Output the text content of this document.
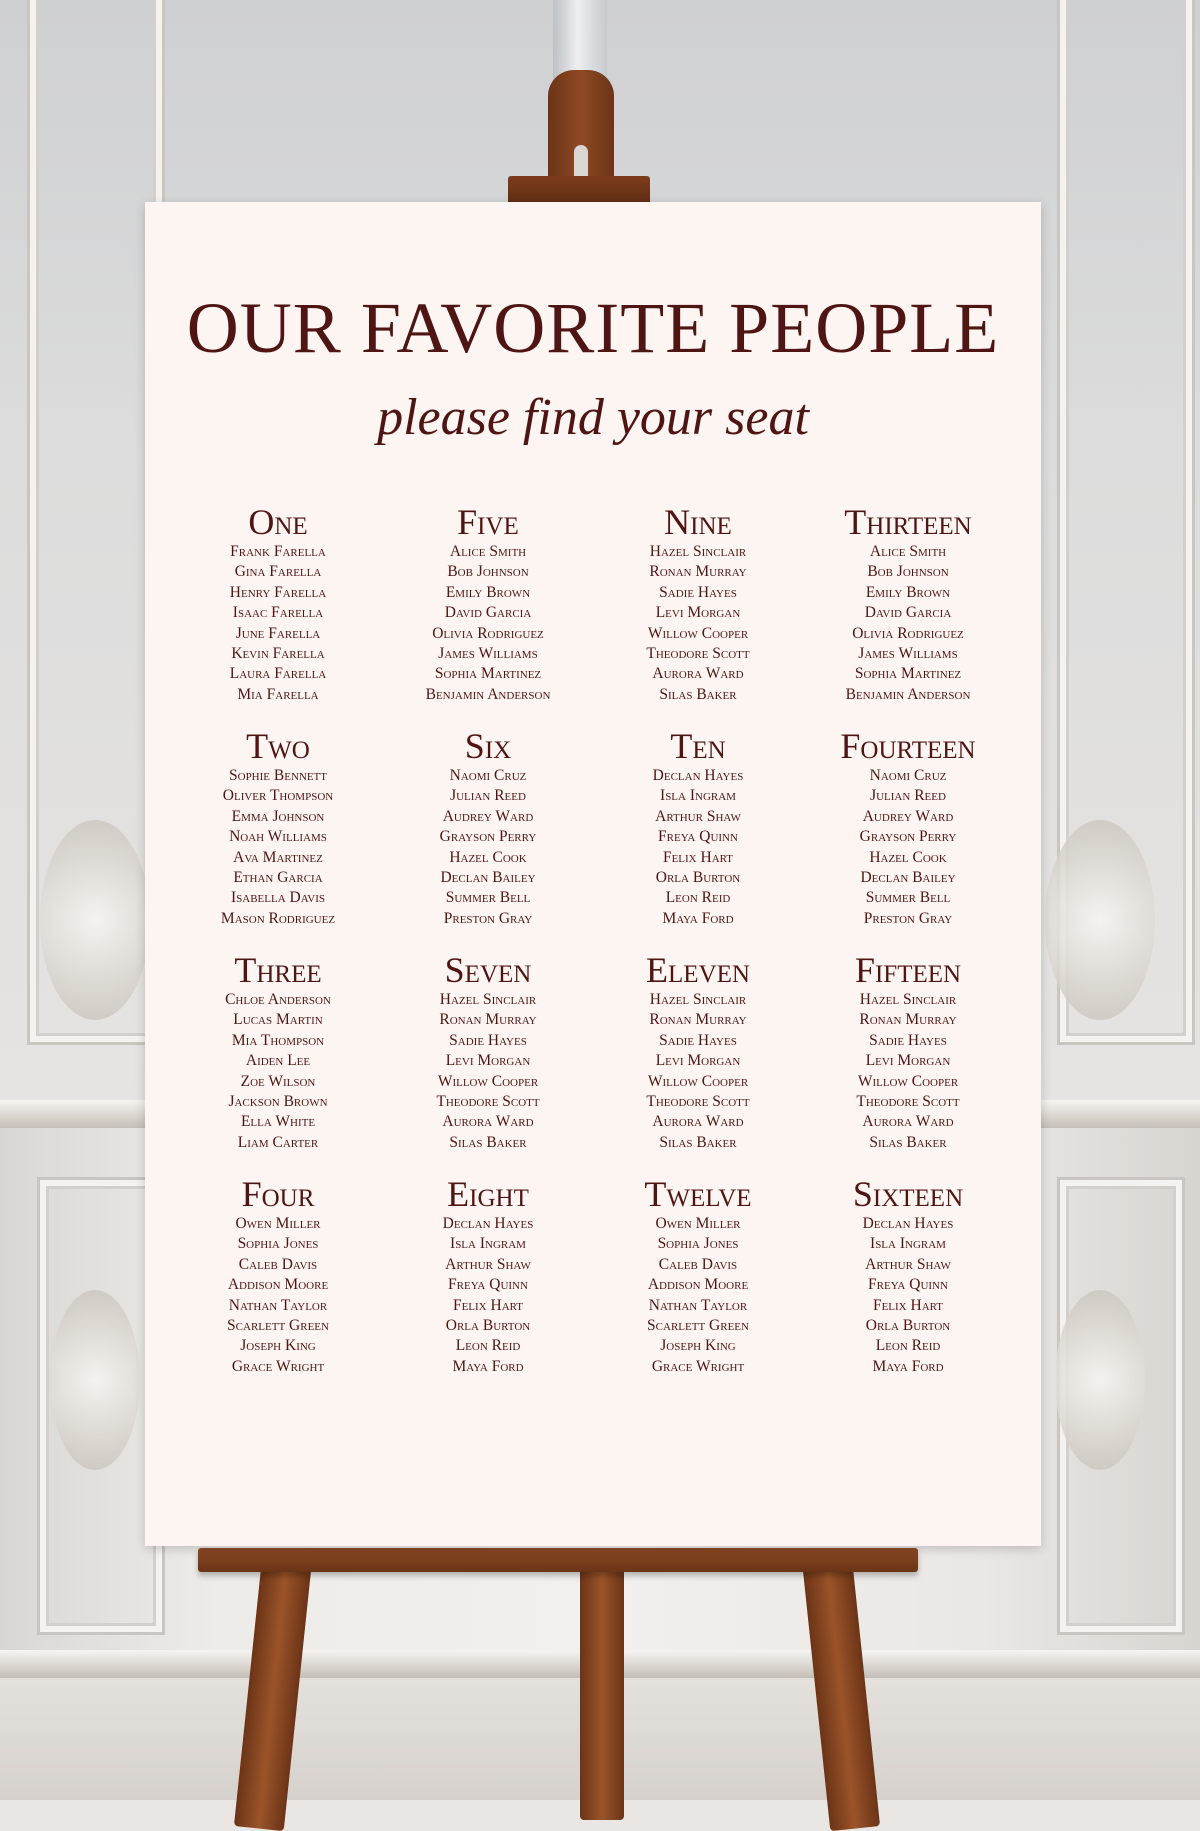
OUR FAVORITE PEOPLE
please find your seat
One
Frank Farella
Gina Farella
Henry Farella
Isaac Farella
June Farella
Kevin Farella
Laura Farella
Mia Farella
Five
Alice Smith
Bob Johnson
Emily Brown
David Garcia
Olivia Rodriguez
James Williams
Sophia Martinez
Benjamin Anderson
Nine
Hazel Sinclair
Ronan Murray
Sadie Hayes
Levi Morgan
Willow Cooper
Theodore Scott
Aurora Ward
Silas Baker
Thirteen
Alice Smith
Bob Johnson
Emily Brown
David Garcia
Olivia Rodriguez
James Williams
Sophia Martinez
Benjamin Anderson
Two
Sophie Bennett
Oliver Thompson
Emma Johnson
Noah Williams
Ava Martinez
Ethan Garcia
Isabella Davis
Mason Rodriguez
Six
Naomi Cruz
Julian Reed
Audrey Ward
Grayson Perry
Hazel Cook
Declan Bailey
Summer Bell
Preston Gray
Ten
Declan Hayes
Isla Ingram
Arthur Shaw
Freya Quinn
Felix Hart
Orla Burton
Leon Reid
Maya Ford
Fourteen
Naomi Cruz
Julian Reed
Audrey Ward
Grayson Perry
Hazel Cook
Declan Bailey
Summer Bell
Preston Gray
Three
Chloe Anderson
Lucas Martin
Mia Thompson
Aiden Lee
Zoe Wilson
Jackson Brown
Ella White
Liam Carter
Seven
Hazel Sinclair
Ronan Murray
Sadie Hayes
Levi Morgan
Willow Cooper
Theodore Scott
Aurora Ward
Silas Baker
Eleven
Hazel Sinclair
Ronan Murray
Sadie Hayes
Levi Morgan
Willow Cooper
Theodore Scott
Aurora Ward
Silas Baker
Fifteen
Hazel Sinclair
Ronan Murray
Sadie Hayes
Levi Morgan
Willow Cooper
Theodore Scott
Aurora Ward
Silas Baker
Four
Owen Miller
Sophia Jones
Caleb Davis
Addison Moore
Nathan Taylor
Scarlett Green
Joseph King
Grace Wright
Eight
Declan Hayes
Isla Ingram
Arthur Shaw
Freya Quinn
Felix Hart
Orla Burton
Leon Reid
Maya Ford
Twelve
Owen Miller
Sophia Jones
Caleb Davis
Addison Moore
Nathan Taylor
Scarlett Green
Joseph King
Grace Wright
Sixteen
Declan Hayes
Isla Ingram
Arthur Shaw
Freya Quinn
Felix Hart
Orla Burton
Leon Reid
Maya Ford
